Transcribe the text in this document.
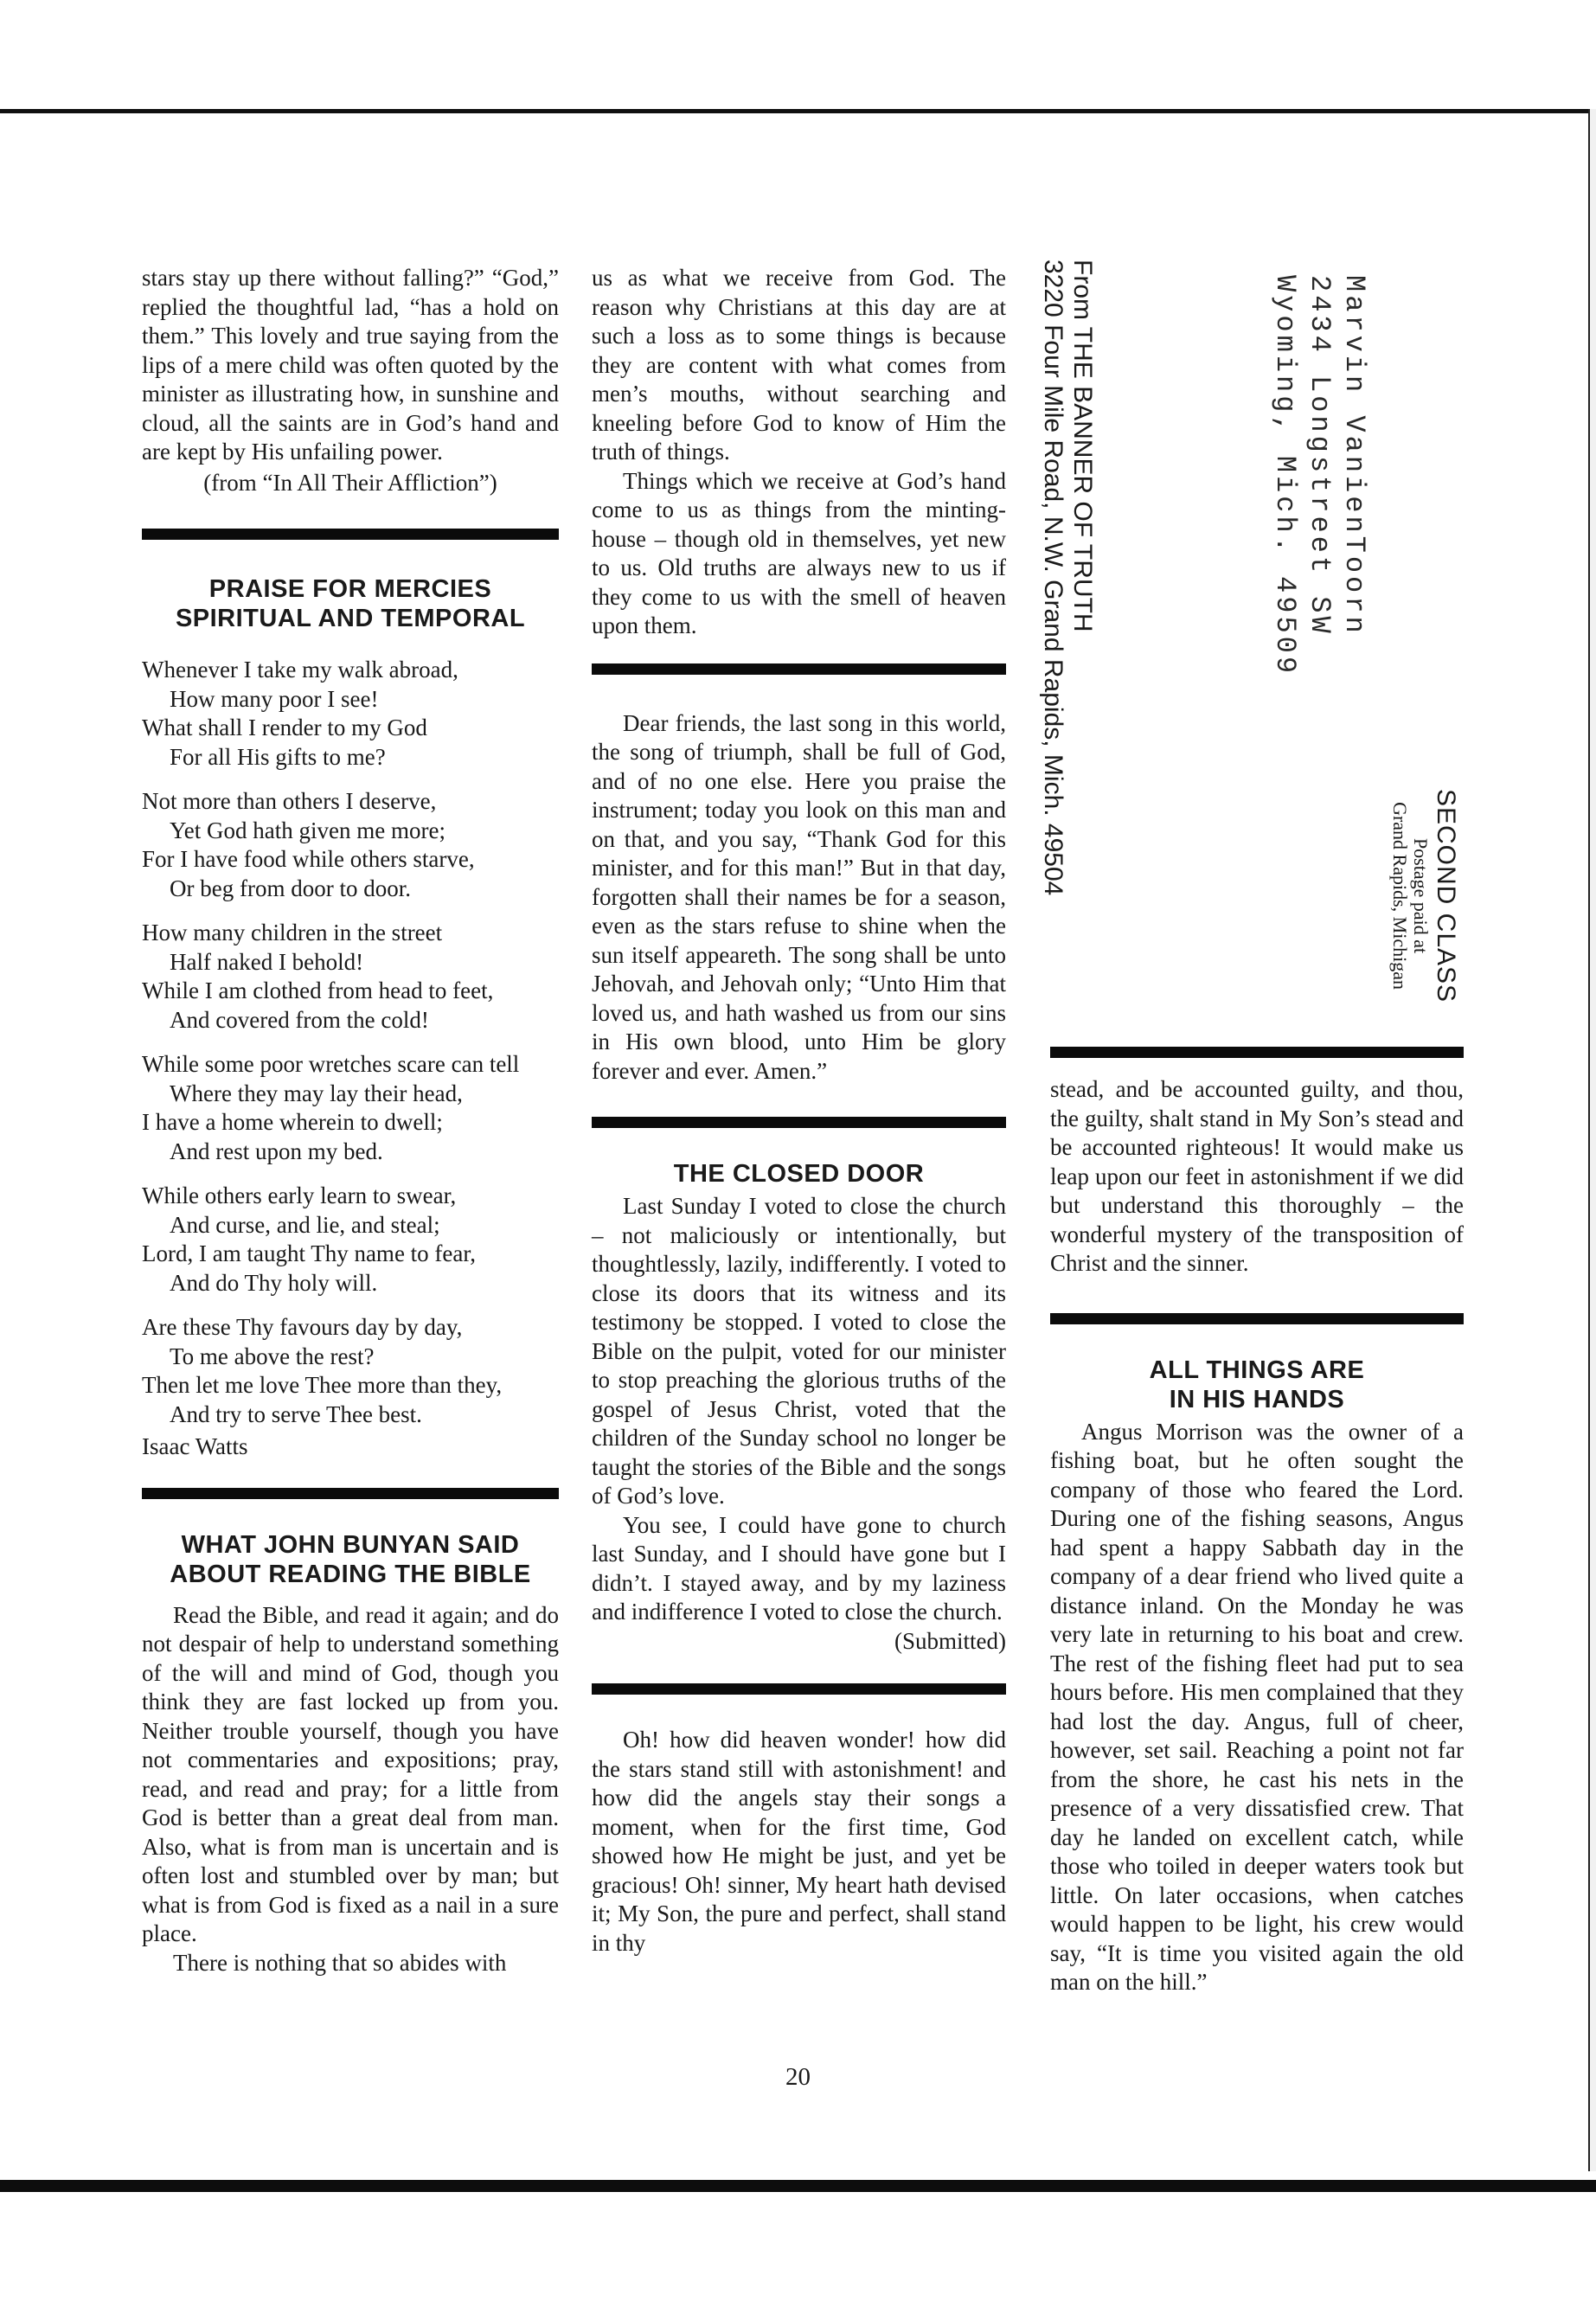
stars stay up there without falling?” “God,” replied the thoughtful lad, “has a hold on them.” This lovely and true saying from the lips of a mere child was often quoted by the minister as illustrating how, in sunshine and cloud, all the saints are in God’s hand and are kept by His unfailing power.

(from “In All Their Affliction”)

PRAISE FOR MERCIES
SPIRITUAL AND TEMPORAL
Whenever I take my walk abroad,
How many poor I see!
What shall I render to my God
For all His gifts to me?
Not more than others I deserve,
Yet God hath given me more;
For I have food while others starve,
Or beg from door to door.
How many children in the street
Half naked I behold!
While I am clothed from head to feet,
And covered from the cold!
While some poor wretches scare can tell
Where they may lay their head,
I have a home wherein to dwell;
And rest upon my bed.
While others early learn to swear,
And curse, and lie, and steal;
Lord, I am taught Thy name to fear,
And do Thy holy will.
Are these Thy favours day by day,
To me above the rest?
Then let me love Thee more than they,
And try to serve Thee best.

Isaac Watts

WHAT JOHN BUNYAN SAID
ABOUT READING THE BIBLE

Read the Bible, and read it again; and do not despair of help to understand something of the will and mind of God, though you think they are fast locked up from you. Neither trouble yourself, though you have not commentaries and expositions; pray, read, and read and pray; for a little from God is better than a great deal from man. Also, what is from man is uncertain and is often lost and stumbled over by man; but what is from God is fixed as a nail in a sure place.

There is nothing that so abides with

us as what we receive from God. The reason why Christians at this day are at such a loss as to some things is because they are content with what comes from men’s mouths, without searching and kneeling before God to know of Him the truth of things.

Things which we receive at God’s hand come to us as things from the minting-house – though old in themselves, yet new to us. Old truths are always new to us if they come to us with the smell of heaven upon them.

Dear friends, the last song in this world, the song of triumph, shall be full of God, and of no one else. Here you praise the instrument; today you look on this man and on that, and you say, “Thank God for this minister, and for this man!” But in that day, forgotten shall their names be for a season, even as the stars refuse to shine when the sun itself appeareth. The song shall be unto Jehovah, and Jehovah only; “Unto Him that loved us, and hath washed us from our sins in His own blood, unto Him be glory forever and ever. Amen.”

THE CLOSED DOOR

Last Sunday I voted to close the church – not maliciously or intentionally, but thoughtlessly, lazily, indifferently. I voted to close its doors that its witness and its testimony be stopped. I voted to close the Bible on the pulpit, voted for our minister to stop preaching the glorious truths of the gospel of Jesus Christ, voted that the children of the Sunday school no longer be taught the stories of the Bible and the songs of God’s love.

You see, I could have gone to church last Sunday, and I should have gone but I didn’t. I stayed away, and by my laziness and indifference I voted to close the church.

(Submitted)

Oh! how did heaven wonder! how did the stars stand still with astonishment! and how did the angels stay their songs a moment, when for the first time, God showed how He might be just, and yet be gracious! Oh! sinner, My heart hath devised it; My Son, the pure and perfect, shall stand in thy

From THE BANNER OF TRUTH
3220 Four Mile Road, N.W. Grand Rapids, Mich. 49504	Marvin VanienToorn
2434 Longstreet SW
Wyoming, Mich. 49509
SECOND CLASS
Postage paid at
Grand Rapids, Michigan

stead, and be accounted guilty, and thou, the guilty, shalt stand in My Son’s stead and be accounted righteous! It would make us leap upon our feet in astonishment if we did but understand this thoroughly – the wonderful mystery of the transposition of Christ and the sinner.

ALL THINGS ARE
IN HIS HANDS

Angus Morrison was the owner of a fishing boat, but he often sought the company of those who feared the Lord. During one of the fishing seasons, Angus had spent a happy Sabbath day in the company of a dear friend who lived quite a distance inland. On the Monday he was very late in returning to his boat and crew. The rest of the fishing fleet had put to sea hours before. His men complained that they had lost the day. Angus, full of cheer, however, set sail. Reaching a point not far from the shore, he cast his nets in the presence of a very dissatisfied crew. That day he landed on excellent catch, while those who toiled in deeper waters took but little. On later occasions, when catches would happen to be light, his crew would say, “It is time you visited again the old man on the hill.”

20
